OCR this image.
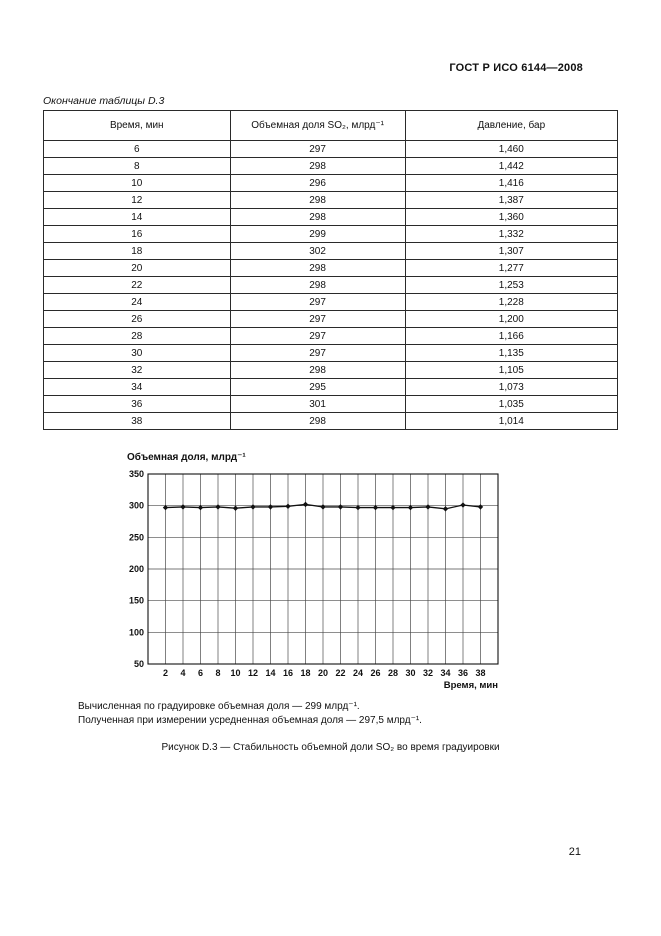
ГОСТ Р ИСО 6144—2008
Окончание таблицы D.3
Время, мин	Объемная доля SO₂, млрд⁻¹	Давление, бар
6	297	1,460
8	298	1,442
10	296	1,416
12	298	1,387
14	298	1,360
16	299	1,332
18	302	1,307
20	298	1,277
22	298	1,253
24	297	1,228
26	297	1,200
28	297	1,166
30	297	1,135
32	298	1,105
34	295	1,073
36	301	1,035
38	298	1,014
Объемная доля, млрд⁻¹
50
100
150
200
250
300
350
2 4 6 8 10 12 14 16 18 20 22 24 26 28 30 32 34 36 38
Время, мин
Вычисленная по градуировке объемная доля — 299 млрд⁻¹.
Полученная при измерении усредненная объемная доля — 297,5 млрд⁻¹.
Рисунок D.3 — Стабильность объемной доли SO₂ во время градуировки
21
